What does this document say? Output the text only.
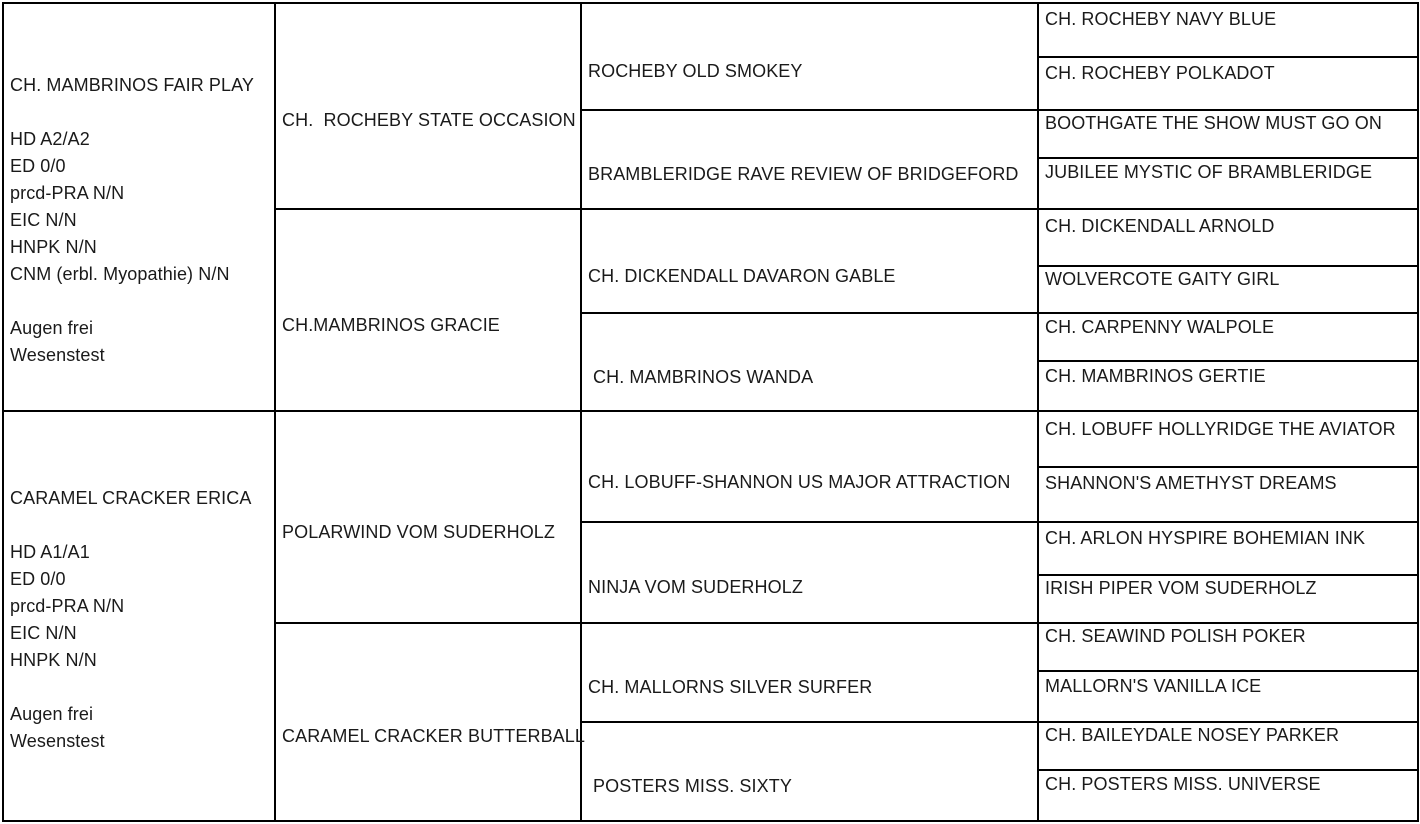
CH. MAMBRINOS FAIR PLAY
HD A2/A2
ED 0/0
prcd-PRA N/N
EIC N/N
HNPK N/N
CNM (erbl. Myopathie) N/N
Augen frei
Wesenstest
CARAMEL CRACKER ERICA
HD A1/A1
ED 0/0
prcd-PRA N/N
EIC N/N
HNPK N/N
Augen frei
Wesenstest
CH.  ROCHEBY STATE OCCASION
CH.MAMBRINOS GRACIE
POLARWIND VOM SUDERHOLZ
CARAMEL CRACKER BUTTERBALL
ROCHEBY OLD SMOKEY
BRAMBLERIDGE RAVE REVIEW OF BRIDGEFORD
CH. DICKENDALL DAVARON GABLE
CH. MAMBRINOS WANDA
CH. LOBUFF-SHANNON US MAJOR ATTRACTION
NINJA VOM SUDERHOLZ
CH. MALLORNS SILVER SURFER
POSTERS MISS. SIXTY
CH. ROCHEBY NAVY BLUE
CH. ROCHEBY POLKADOT
BOOTHGATE THE SHOW MUST GO ON
JUBILEE MYSTIC OF BRAMBLERIDGE
CH. DICKENDALL ARNOLD
WOLVERCOTE GAITY GIRL
CH. CARPENNY WALPOLE
CH. MAMBRINOS GERTIE
CH. LOBUFF HOLLYRIDGE THE AVIATOR
SHANNON'S AMETHYST DREAMS
CH. ARLON HYSPIRE BOHEMIAN INK
IRISH PIPER VOM SUDERHOLZ
CH. SEAWIND POLISH POKER
MALLORN'S VANILLA ICE
CH. BAILEYDALE NOSEY PARKER
CH. POSTERS MISS. UNIVERSE
